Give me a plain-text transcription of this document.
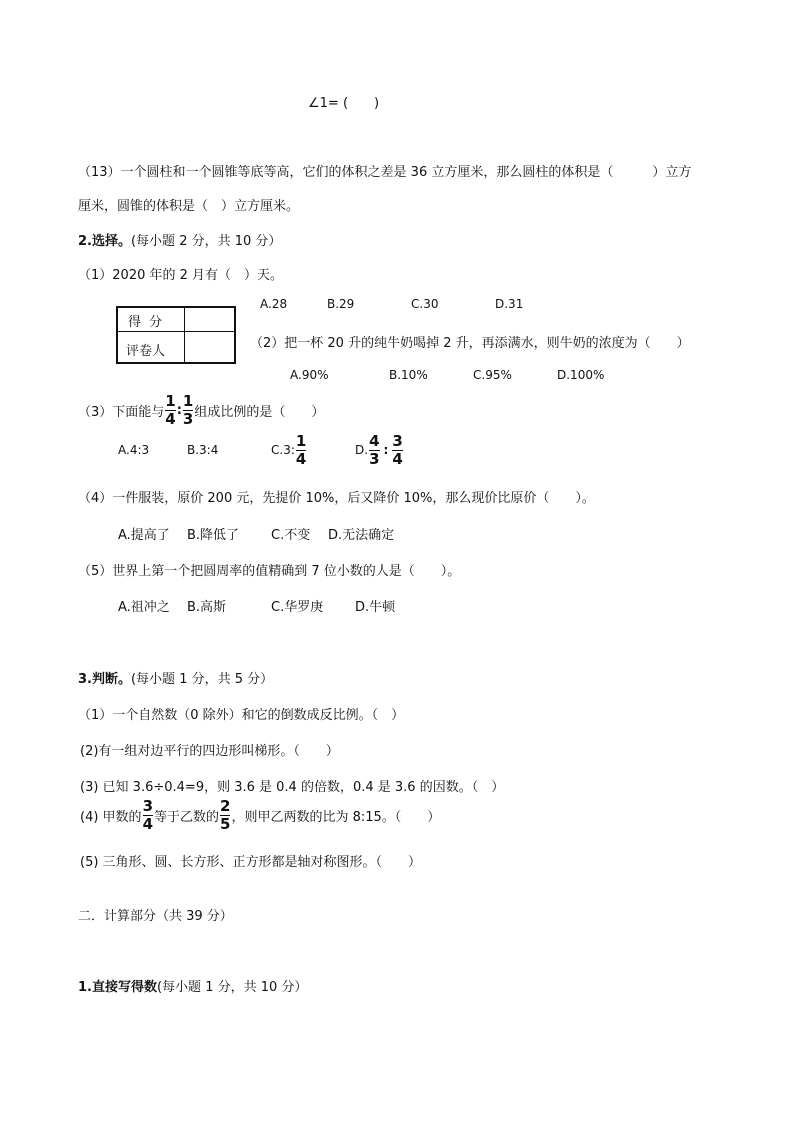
∠1= (　　)
（13）一个圆柱和一个圆锥等底等高，它们的体积之差是 36 立方厘米，那么圆柱的体积是（　　　）立方
厘米，圆锥的体积是（　）立方厘米。
2.选择。(每小题 2 分，共 10 分）
（1）2020 年的 2 月有（　）天。
A.28	B.29	C.30	D.31
得分
评卷人
（2）把一杯 20 升的纯牛奶喝掉 2 升，再添满水，则牛奶的浓度为（　　）
A.90%	B.10%	C.95%	D.100%
（3）下面能与 $\frac{1}{4}$ : $\frac{1}{3}$ 组成比例的是（　　）
A.4:3	B.3:4	C.3: $\frac{1}{4}$	D. $\frac{4}{3}$ : $\frac{3}{4}$
（4）一件服装，原价 200 元，先提价 10%，后又降价 10%，那么现价比原价（　　）。
A.提高了 B.降低了 C.不变 D.无法确定
（5）世界上第一个把圆周率的值精确到 7 位小数的人是（　　）。
A.祖冲之 B.高斯	C.华罗庚 D.牛顿
3.判断。(每小题 1 分，共 5 分）
（1）一个自然数（0 除外）和它的倒数成反比例。（　）
(2)有一组对边平行的四边形叫梯形。（　　）
(3) 已知 3.6÷0.4=9，则 3.6 是 0.4 的倍数，0.4 是 3.6 的因数。（　）
(4) 甲数的 $\frac{3}{4}$ 等于乙数的 $\frac{2}{5}$ ，则甲乙两数的比为 8:15。（　　）
(5) 三角形、圆、长方形、正方形都是轴对称图形。（　　）
二．计算部分（共 39 分）
1.直接写得数(每小题 1 分，共 10 分）
